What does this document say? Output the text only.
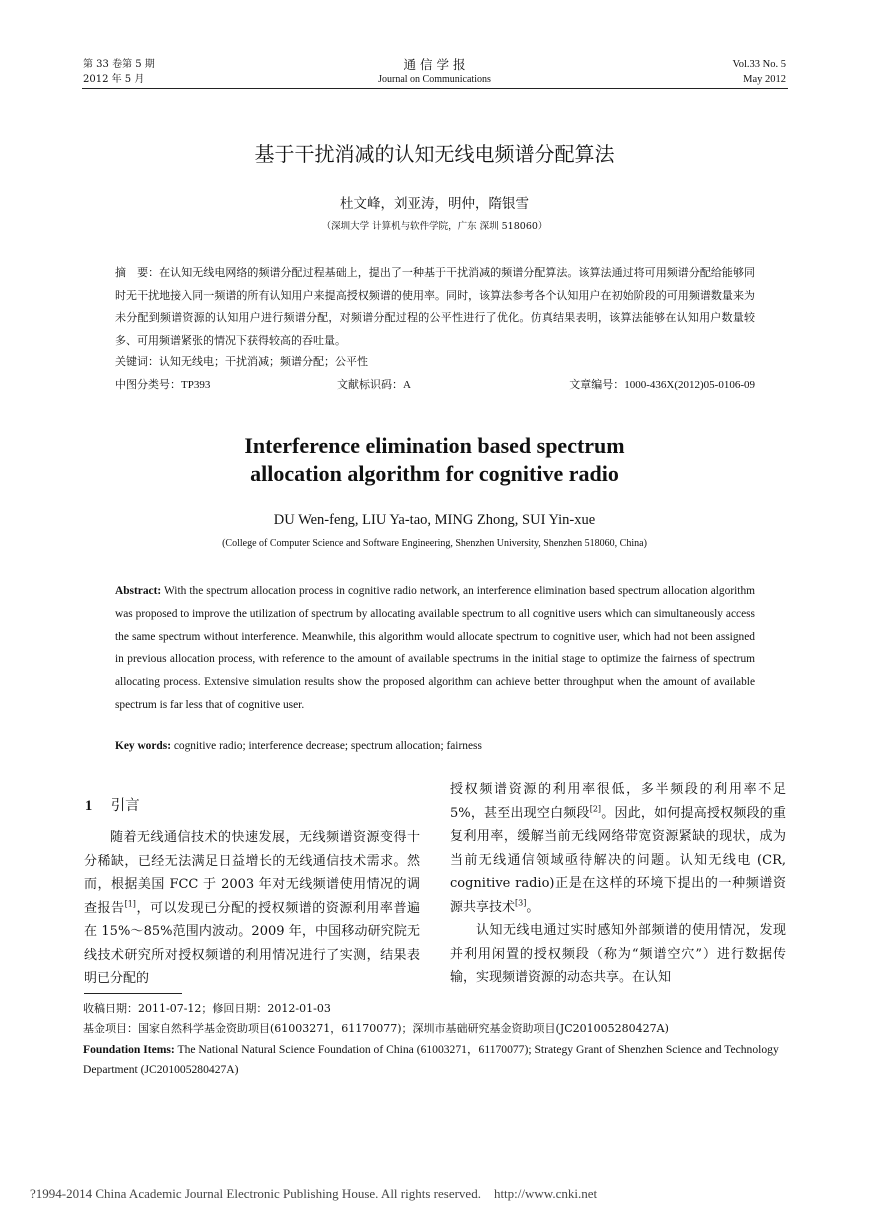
第 33 卷第 5 期
2012 年 5 月
通 信 学 报
Journal on Communications
Vol.33 No. 5
May 2012
基于干扰消减的认知无线电频谱分配算法
杜文峰，刘亚涛，明仲，隋银雪
（深圳大学 计算机与软件学院，广东 深圳 518060）
摘　要：在认知无线电网络的频谱分配过程基础上，提出了一种基于干扰消减的频谱分配算法。该算法通过将可用频谱分配给能够同时无干扰地接入同一频谱的所有认知用户来提高授权频谱的使用率。同时，该算法参考各个认知用户在初始阶段的可用频谱数量来为未分配到频谱资源的认知用户进行频谱分配，对频谱分配过程的公平性进行了优化。仿真结果表明，该算法能够在认知用户数量较多、可用频谱紧张的情况下获得较高的吞吐量。
关键词：认知无线电；干扰消减；频谱分配；公平性
中图分类号：TP393	文献标识码：A	文章编号：1000-436X(2012)05-0106-09
Interference elimination based spectrum
allocation algorithm for cognitive radio
DU Wen-feng, LIU Ya-tao, MING Zhong, SUI Yin-xue
(College of Computer Science and Software Engineering, Shenzhen University, Shenzhen 518060, China)
Abstract: With the spectrum allocation process in cognitive radio network, an interference elimination based spectrum allocation algorithm was proposed to improve the utilization of spectrum by allocating available spectrum to all cognitive users which can simultaneously access the same spectrum without interference. Meanwhile, this algorithm would allocate spectrum to cognitive user, which had not been assigned in previous allocation process, with reference to the amount of available spectrums in the initial stage to optimize the fairness of spectrum allocating process. Extensive simulation results show the proposed algorithm can achieve better throughput when the amount of available spectrum is far less that of cognitive user.
Key words: cognitive radio; interference decrease; spectrum allocation; fairness
1 引言

随着无线通信技术的快速发展，无线频谱资源变得十分稀缺，已经无法满足日益增长的无线通信技术需求。然而，根据美国 FCC 于 2003 年对无线频谱使用情况的调查报告[1]，可以发现已分配的授权频谱的资源利用率普遍在 15%～85%范围内波动。2009 年，中国移动研究院无线技术研究所对授权频谱的利用情况进行了实测，结果表明已分配的

授权频谱资源的利用率很低，多半频段的利用率不足 5%，甚至出现空白频段[2]。因此，如何提高授权频段的重复利用率，缓解当前无线网络带宽资源紧缺的现状，成为当前无线通信领域亟待解决的问题。认知无线电 (CR, cognitive radio)正是在这样的环境下提出的一种频谱资源共享技术[3]。

认知无线电通过实时感知外部频谱的使用情况，发现并利用闲置的授权频段（称为“频谱空穴”）进行数据传输，实现频谱资源的动态共享。在认知

收稿日期：2011-07-12；修回日期：2012-01-03
基金项目：国家自然科学基金资助项目(61003271，61170077)；深圳市基础研究基金资助项目(JC201005280427A)
Foundation Items: The National Natural Science Foundation of China (61003271，61170077); Strategy Grant of Shenzhen Science and Technology Department (JC201005280427A)
?1994-2014 China Academic Journal Electronic Publishing House. All rights reserved.    http://www.cnki.net
